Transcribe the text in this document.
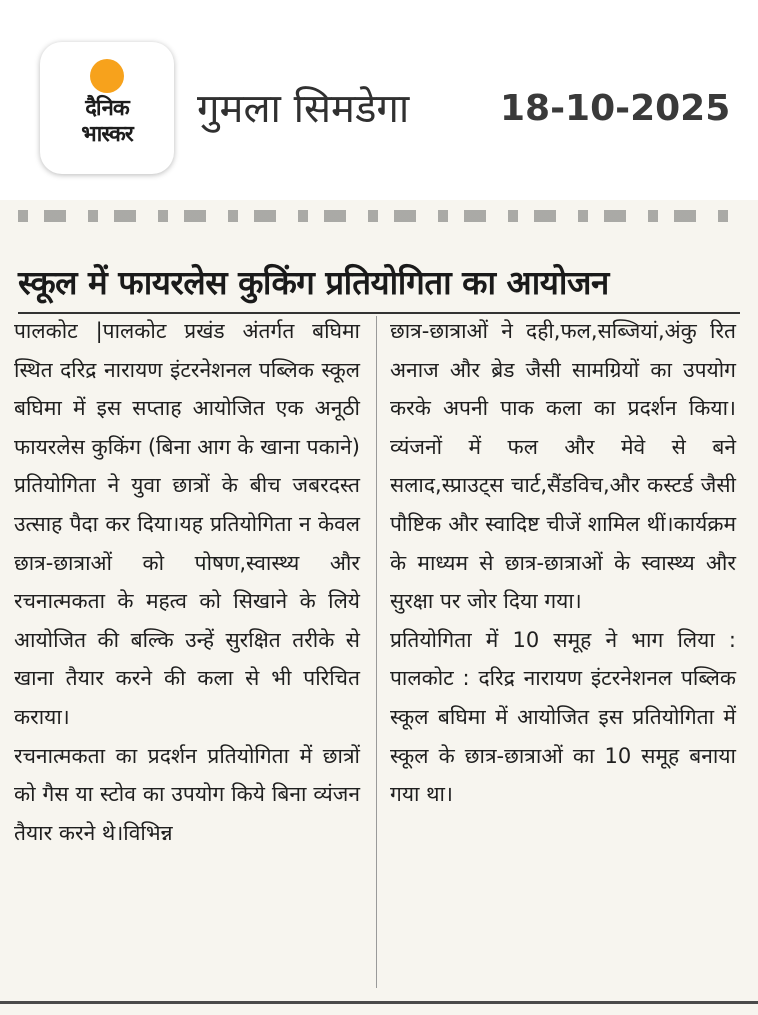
दैनिक
भास्कर
गुमला सिमडेगा	18-10-2025
स्कूल में फायरलेस कुकिंग प्रतियोगिता का आयोजन

पालकोट |पालकोट प्रखंड अंतर्गत बघिमा स्थित दरिद्र नारायण इंटरनेशनल पब्लिक स्कूल बघिमा में इस सप्ताह आयोजित एक अनूठी फायरलेस कुकिंग (बिना आग के खाना पकाने) प्रतियोगिता ने युवा छात्रों के बीच जबरदस्त उत्साह पैदा कर दिया।यह प्रतियोगिता न केवल छात्र-छात्राओं को पोषण,स्वास्थ्य और रचनात्मकता के महत्व को सिखाने के लिये आयोजित की बल्कि उन्हें सुरक्षित तरीके से खाना तैयार करने की कला से भी परिचित कराया।

रचनात्मकता का प्रदर्शन प्रतियोगिता में छात्रों को गैस या स्टोव का उपयोग किये बिना व्यंजन तैयार करने थे।विभिन्न

छात्र-छात्राओं ने दही,फल,सब्जियां,अंकु रित अनाज और ब्रेड जैसी सामग्रियों का उपयोग करके अपनी पाक कला का प्रदर्शन किया।व्यंजनों में फल और मेवे से बने सलाद,स्प्राउट्स चार्ट,सैंडविच,और कस्टर्ड जैसी पौष्टिक और स्वादिष्ट चीजें शामिल थीं।कार्यक्रम के माध्यम से छात्र-छात्राओं के स्वास्थ्य और सुरक्षा पर जोर दिया गया।

प्रतियोगिता में 10 समूह ने भाग लिया : पालकोट : दरिद्र नारायण इंटरनेशनल पब्लिक स्कूल बघिमा में आयोजित इस प्रतियोगिता में स्कूल के छात्र-छात्राओं का 10 समूह बनाया गया था।
